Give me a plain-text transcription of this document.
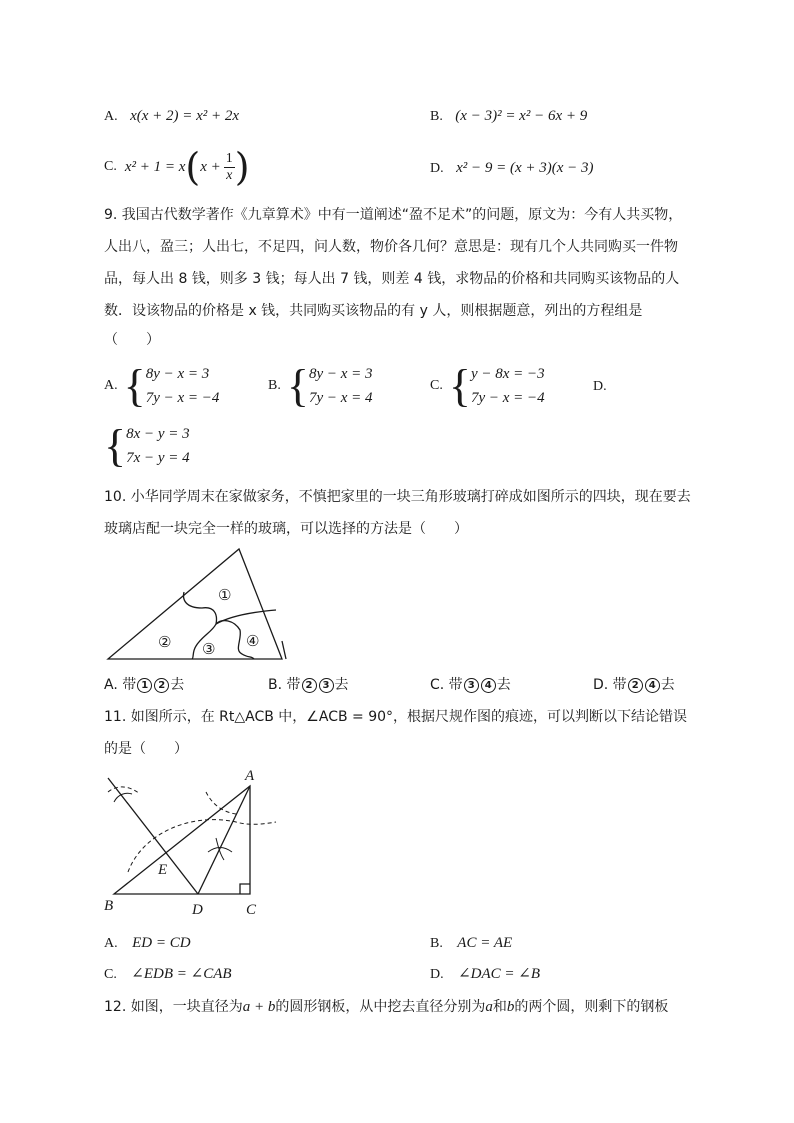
A. x(x + 2) = x² + 2x	B. (x − 3)² = x² − 6x + 9
C. x² + 1 = x ( $x + \frac{1}{x}$ )	D. x² − 9 = (x + 3)(x − 3)
9. 我国古代数学著作《九章算术》中有一道阐述“盈不足术”的问题，原文为：今有人共买物，
人出八，盈三；人出七，不足四，问人数，物价各几何？意思是：现有几个人共同购买一件物
品，每人出 8 钱，则多 3 钱；每人出 7 钱，则差 4 钱，求物品的价格和共同购买该物品的人
数．设该物品的价格是 x 钱，共同购买该物品的有 y 人，则根据题意，列出的方程组是
（　　）
A. { 8y − x = 3
7y − x = −4
B. { 8y − x = 3
7y − x = 4
C. { y − 8x = −3
7y − x = −4
D.
{ 8x − y = 3
7x − y = 4
10. 小华同学周末在家做家务，不慎把家里的一块三角形玻璃打碎成如图所示的四块，现在要去
玻璃店配一块完全一样的玻璃，可以选择的方法是（　　）
①
② ③ ④
A. 带 1 2 去	B. 带 2 3 去	C. 带 3 4 去	D. 带 2 4 去
11. 如图所示，在 Rt△ACB 中，∠ACB = 90°，根据尺规作图的痕迹，可以判断以下结论错误
的是（　　）
A
B	D	C
E
A. ED = CD	B. AC = AE
C. ∠EDB = ∠CAB	D. ∠DAC = ∠B
12. 如图，一块直径为a + b的圆形钢板，从中挖去直径分别为a和b的两个圆，则剩下的钢板
